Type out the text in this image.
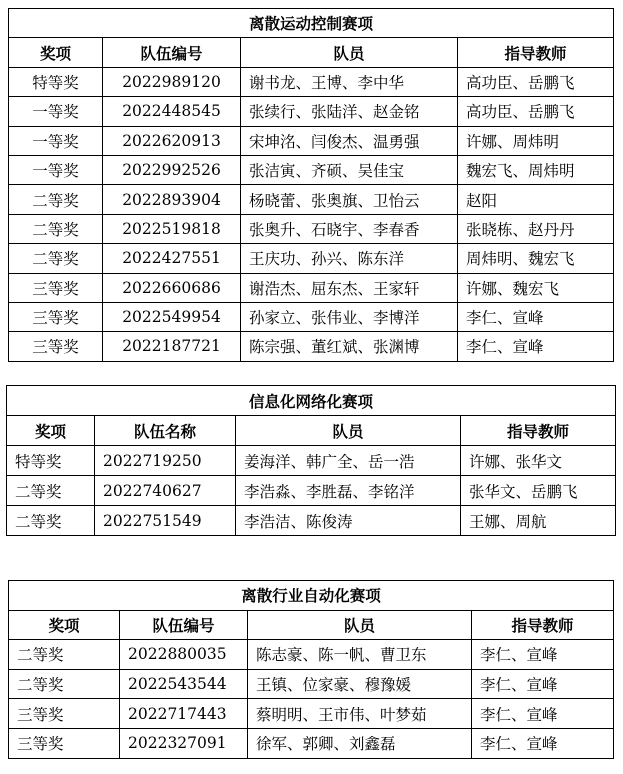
离散运动控制赛项			
奖项	队伍编号	队员	指导教师
特等奖	2022989120	谢书龙、王博、李中华	高功臣、岳鹏飞
一等奖	2022448545	张续行、张陆洋、赵金铭	高功臣、岳鹏飞
一等奖	2022620913	宋坤洺、闫俊杰、温勇强	许娜、周炜明
一等奖	2022992526	张洁寅、齐硕、吴佳宝	魏宏飞、周炜明
二等奖	2022893904	杨晓蕾、张奥旗、卫怡云	赵阳
二等奖	2022519818	张奥升、石晓宇、李春香	张晓栋、赵丹丹
二等奖	2022427551	王庆功、孙兴、陈东洋	周炜明、魏宏飞
三等奖	2022660686	谢浩杰、屈东杰、王家轩	许娜、魏宏飞
三等奖	2022549954	孙家立、张伟业、李博洋	李仁、宣峰
三等奖	2022187721	陈宗强、董红斌、张渊博	李仁、宣峰
信息化网络化赛项			
奖项	队伍名称	队员	指导教师
特等奖	2022719250	姜海洋、韩广全、岳一浩	许娜、张华文
二等奖	2022740627	李浩淼、李胜磊、李铭洋	张华文、岳鹏飞
二等奖	2022751549	李浩洁、陈俊涛	王娜、周航
离散行业自动化赛项			
奖项	队伍编号	队员	指导教师
二等奖	2022880035	陈志豪、陈一帆、曹卫东	李仁、宣峰
二等奖	2022543544	王镇、位家豪、穆豫媛	李仁、宣峰
三等奖	2022717443	蔡明明、王市伟、叶梦茹	李仁、宣峰
三等奖	2022327091	徐军、郭卿、刘鑫磊	李仁、宣峰
